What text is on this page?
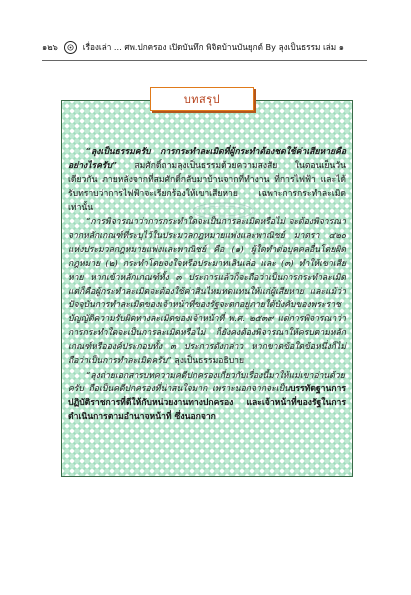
๑๒๖	เรื่องเล่า ... ศพ.ปกครอง เปิดบันทึก พิจิตบ้านบันยุกต์ By ลุงเป็นธรรม เล่ม ๑
บทสรุป

“ลุงเป็นธรรมครับ การกระทำละเมิดที่ผู้กระทำต้องชดใช้ค่าเสียหายคืออย่างไรครับ” สมศักดิ์ถามลุงเป็นธรรมด้วยความสงสัย ในตอนเย็นวันเดียวกัน ภายหลังจากที่สมศักดิ์กลับมาบ้านจากที่ทำงาน ที่การไฟฟ้า และได้รับทราบว่าการไฟฟ้าจะเรียกร้องให้เขาเสียหาย เฉพาะการกระทำละเมิดเท่านั้น

“การพิจารณาว่าการกระทำใดจะเป็นการละเมิดหรือไม่ จะต้องพิจารณาจากหลักเกณฑ์ที่ระบุไว้ในประมวลกฎหมายแพ่งและพาณิชย์ มาตรา ๔๒๐ แห่งประมวลกฎหมายแพ่งและพาณิชย์ คือ (๑) ผู้ใดทำต่อบุคคลอื่นโดยผิดกฎหมาย (๒) กระทำโดยจงใจหรือประมาทเลินเล่อ และ (๓) ทำให้เขาเสียหาย หากเข้าหลักเกณฑ์ทั้ง ๓ ประการแล้วก็จะถือว่าเป็นการกระทำละเมิด แต่ก็คือผู้กระทำละเมิดจะต้องใช้ค่าสินไหมทดแทนให้แก่ผู้เสียหาย และแม้ว่าปัจจุบันการทำละเมิดของเจ้าหน้าที่ของรัฐจะตกอยู่ภายใต้บังคับของพระราชบัญญัติความรับผิดทางละเมิดของเจ้าหน้าที่ พ.ศ. ๒๕๓๙ แต่การพิจารณาว่า การกระทำใดจะเป็นการละเมิดหรือไม่ ก็ยังคงต้องพิจารณาให้ครบตามหลักเกณฑ์หรือองค์ประกอบทั้ง ๓ ประการดังกล่าว หากขาดข้อใดข้อหนึ่งก็ไม่ถือว่าเป็นการทำละเมิดครับ” ลุงเป็นธรรมอธิบาย

“ลุงถ่ายเอกสารบทความคดีปกครองเกี่ยวกับเรื่องนี้มาให้แม่เขาอ่านด้วยครับ ถือเป็นคดีปกครองที่น่าสนใจมาก เพราะนอกจากจะเป็นบรรทัดฐานการปฏิบัติราชการที่ดีให้กับหน่วยงานทางปกครอง และเจ้าหน้าที่ของรัฐในการดำเนินการตามอำนาจหน้าที่ ซึ่งนอกจาก
